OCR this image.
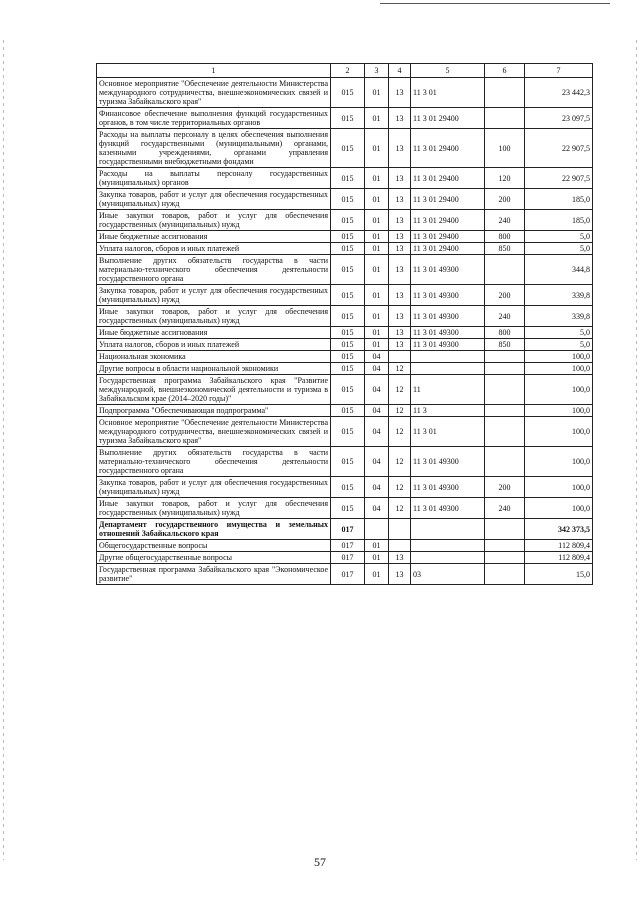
1	2	3	4	5	6	7
Основное мероприятие "Обеспечение деятельности Министерства международного сотрудничества, внешнеэкономических связей и туризма Забайкальского края"	015	01	13	11 3 01		23 442,3
Финансовое обеспечение выполнения функций государственных органов, в том числе территориальных органов	015	01	13	11 3 01 29400		23 097,5
Расходы на выплаты персоналу в целях обеспечения выполнения функций государственными (муниципальными) органами, казенными учреждениями, органами управления государственными внебюджетными фондами	015	01	13	11 3 01 29400	100	22 907,5
Расходы на выплаты персоналу государственных (муниципальных) органов	015	01	13	11 3 01 29400	120	22 907,5
Закупка товаров, работ и услуг для обеспечения государственных (муниципальных) нужд	015	01	13	11 3 01 29400	200	185,0
Иные закупки товаров, работ и услуг для обеспечения государственных (муниципальных) нужд	015	01	13	11 3 01 29400	240	185,0
Иные бюджетные ассигнования	015	01	13	11 3 01 29400	800	5,0
Уплата налогов, сборов и иных платежей	015	01	13	11 3 01 29400	850	5,0
Выполнение других обязательств государства в части материально-технического обеспечения деятельности государственного органа	015	01	13	11 3 01 49300		344,8
Закупка товаров, работ и услуг для обеспечения государственных (муниципальных) нужд	015	01	13	11 3 01 49300	200	339,8
Иные закупки товаров, работ и услуг для обеспечения государственных (муниципальных) нужд	015	01	13	11 3 01 49300	240	339,8
Иные бюджетные ассигнования	015	01	13	11 3 01 49300	800	5,0
Уплата налогов, сборов и иных платежей	015	01	13	11 3 01 49300	850	5,0
Национальная экономика	015	04				100,0
Другие вопросы в области национальной экономики	015	04	12			100,0
Государственная программа Забайкальского края "Развитие международной, внешнеэкономической деятельности и туризма в Забайкальском крае (2014–2020 годы)"	015	04	12	11		100,0
Подпрограмма "Обеспечивающая подпрограмма"	015	04	12	11 3		100,0
Основное мероприятие "Обеспечение деятельности Министерства международного сотрудничества, внешнеэкономических связей и туризма Забайкальского края"	015	04	12	11 3 01		100,0
Выполнение других обязательств государства в части материально-технического обеспечения деятельности государственного органа	015	04	12	11 3 01 49300		100,0
Закупка товаров, работ и услуг для обеспечения государственных (муниципальных) нужд	015	04	12	11 3 01 49300	200	100,0
Иные закупки товаров, работ и услуг для обеспечения государственных (муниципальных) нужд	015	04	12	11 3 01 49300	240	100,0
Департамент государственного имущества и земельных отношений Забайкальского края	017					342 373,5
Общегосударственные вопросы	017	01				112 809,4
Другие общегосударственные вопросы	017	01	13			112 809,4
Государственная программа Забайкальского края "Экономическое развитие"	017	01	13	03		15,0
57
